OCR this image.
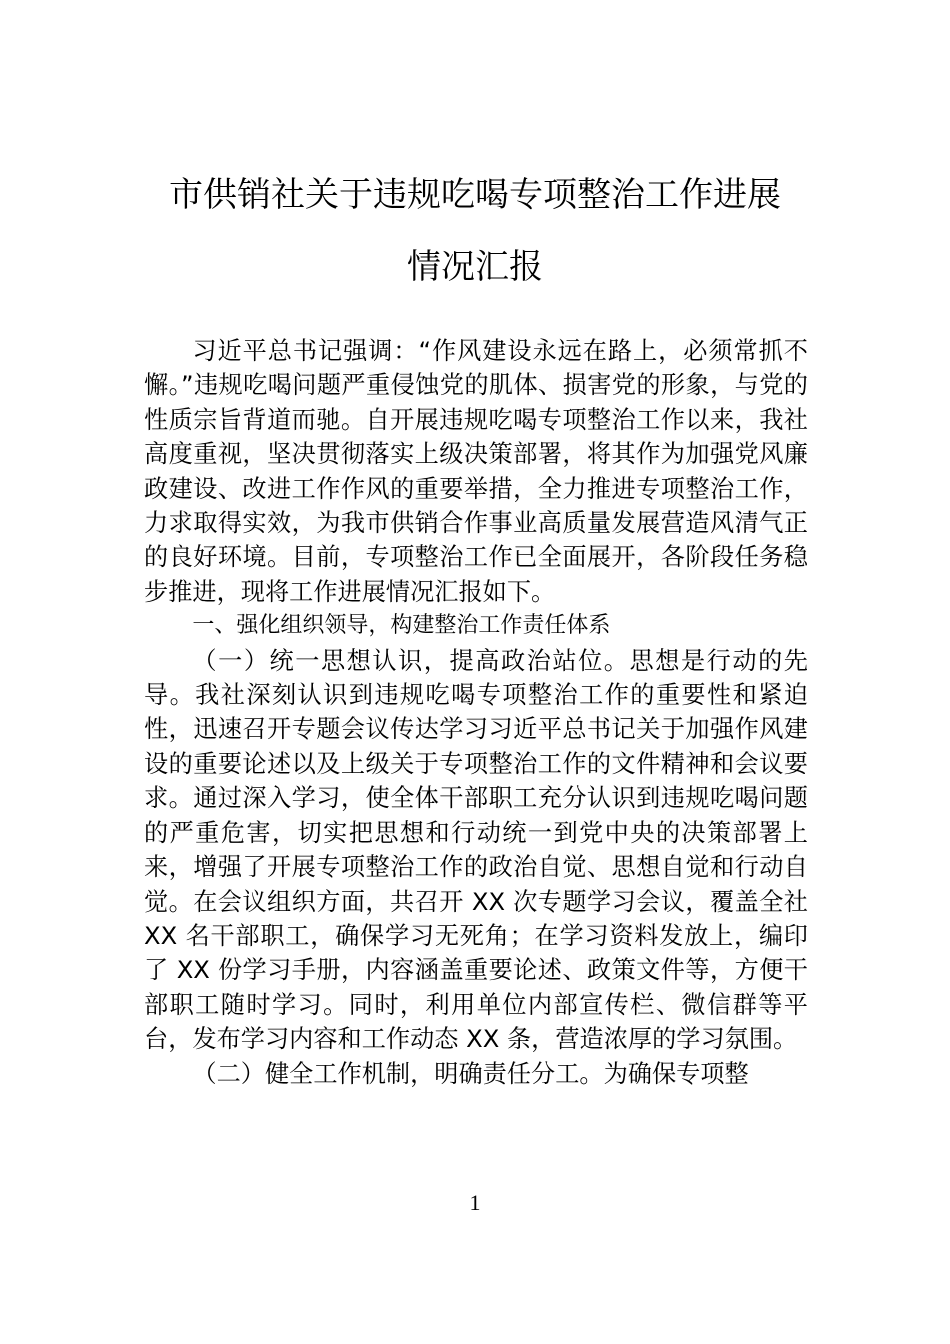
市供销社关于违规吃喝专项整治工作进展
情况汇报

习近平总书记强调：“作风建设永远在路上，必须常抓不懈。”违规吃喝问题严重侵蚀党的肌体、损害党的形象，与党的性质宗旨背道而驰。自开展违规吃喝专项整治工作以来，我社高度重视，坚决贯彻落实上级决策部署，将其作为加强党风廉政建设、改进工作作风的重要举措，全力推进专项整治工作，力求取得实效，为我市供销合作事业高质量发展营造风清气正的良好环境。目前，专项整治工作已全面展开，各阶段任务稳步推进，现将工作进展情况汇报如下。

一、强化组织领导，构建整治工作责任体系

（一）统一思想认识，提高政治站位。思想是行动的先导。我社深刻认识到违规吃喝专项整治工作的重要性和紧迫性，迅速召开专题会议传达学习习近平总书记关于加强作风建设的重要论述以及上级关于专项整治工作的文件精神和会议要求。通过深入学习，使全体干部职工充分认识到违规吃喝问题的严重危害，切实把思想和行动统一到党中央的决策部署上来，增强了开展专项整治工作的政治自觉、思想自觉和行动自觉。在会议组织方面，共召开 XX 次专题学习会议，覆盖全社 XX 名干部职工，确保学习无死角；在学习资料发放上，编印了 XX 份学习手册，内容涵盖重要论述、政策文件等，方便干部职工随时学习。同时，利用单位内部宣传栏、微信群等平台，发布学习内容和工作动态 XX 条，营造浓厚的学习氛围。

（二）健全工作机制，明确责任分工。为确保专项整

1
